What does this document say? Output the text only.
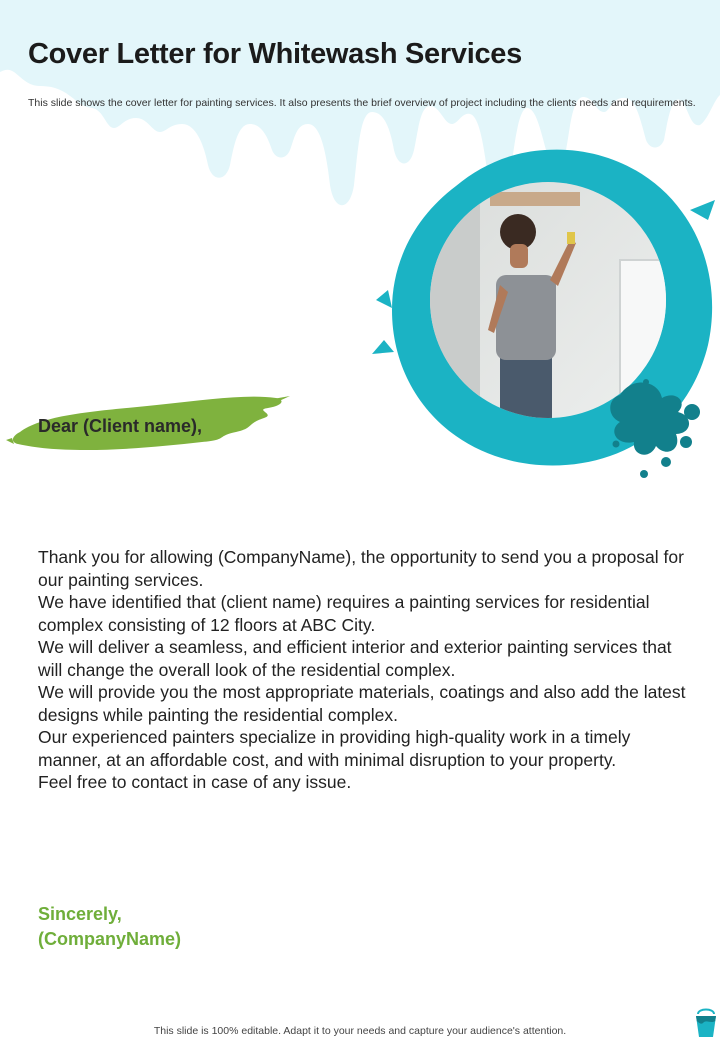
Cover Letter for Whitewash Services

This slide shows the cover letter for painting services. It also presents the brief overview of project including the clients needs and requirements.

Dear (Client name),

Thank you for allowing (CompanyName), the opportunity to send you a proposal for our painting services.

We have identified that (client name) requires a painting services for residential complex consisting of 12 floors at ABC City.

We will deliver a seamless, and efficient interior and exterior painting services that will change the overall look of the residential complex.

We will provide you the most appropriate materials, coatings and also add the latest designs while painting the residential complex.

Our experienced painters specialize in providing high-quality work in a timely manner, at an affordable cost, and with minimal disruption to your property.

Feel free to contact in case of any issue.

Sincerely,
(CompanyName)
This slide is 100% editable. Adapt it to your needs and capture your audience's attention.
